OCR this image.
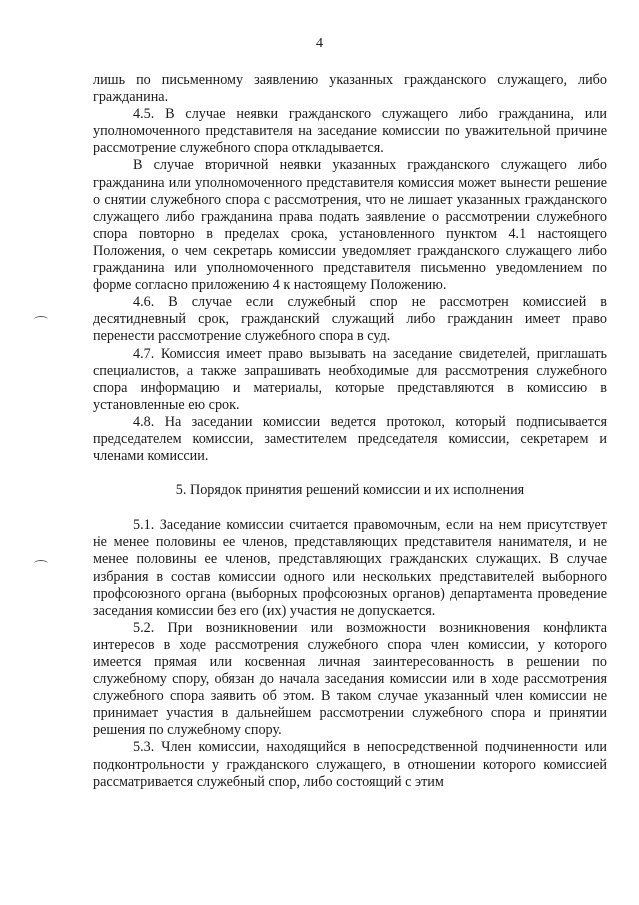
4

лишь по письменному заявлению указанных гражданского служащего, либо гражданина.

4.5. В случае неявки гражданского служащего либо гражданина, или уполномоченного представителя на заседание комиссии по уважительной причине рассмотрение служебного спора откладывается.

В случае вторичной неявки указанных гражданского служащего либо гражданина или уполномоченного представителя комиссия может вынести решение о снятии служебного спора с рассмотрения, что не лишает указанных гражданского служащего либо гражданина права подать заявление о рассмотрении служебного спора повторно в пределах срока, установленного пунктом 4.1 настоящего Положения, о чем секретарь комиссии уведомляет гражданского служащего либо гражданина или уполномоченного представителя письменно уведомлением по форме согласно приложению 4 к настоящему Положению.

4.6. В случае если служебный спор не рассмотрен комиссией в десятидневный срок, гражданский служащий либо гражданин имеет право перенести рассмотрение служебного спора в суд.

4.7. Комиссия имеет право вызывать на заседание свидетелей, приглашать специалистов, а также запрашивать необходимые для рассмотрения служебного спора информацию и материалы, которые представляются в комиссию в установленные ею срок.

4.8. На заседании комиссии ведется протокол, который подписывается председателем комиссии, заместителем председателя комиссии, секретарем и членами комиссии.

5. Порядок принятия решений комиссии и их исполнения

5.1. Заседание комиссии считается правомочным, если на нем присутствует не менее половины ее членов, представляющих представителя нанимателя, и не менее половины ее членов, представляющих гражданских служащих. В случае избрания в состав комиссии одного или нескольких представителей выборного профсоюзного органа (выборных профсоюзных органов) департамента проведение заседания комиссии без его (их) участия не допускается.

5.2. При возникновении или возможности возникновения конфликта интересов в ходе рассмотрения служебного спора член комиссии, у которого имеется прямая или косвенная личная заинтересованность в решении по служебному спору, обязан до начала заседания комиссии или в ходе рассмотрения служебного спора заявить об этом. В таком случае указанный член комиссии не принимает участия в дальнейшем рассмотрении служебного спора и принятии решения по служебному спору.

5.3. Член комиссии, находящийся в непосредственной подчиненности или подконтрольности у гражданского служащего, в отношении которого комиссией рассматривается служебный спор, либо состоящий с этим
